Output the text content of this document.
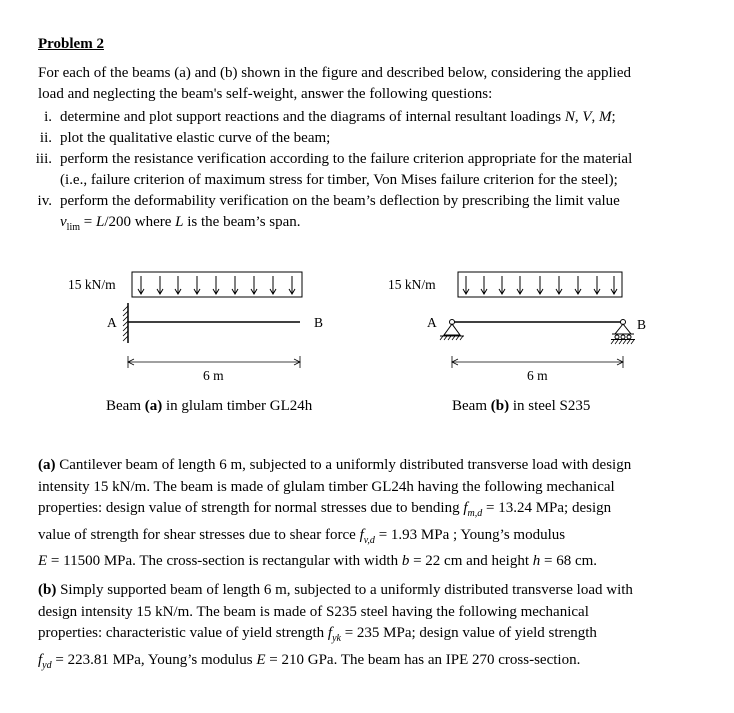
Problem 2
For each of the beams (a) and (b) shown in the figure and described below, considering the applied
load and neglecting the beam's self-weight, answer the following questions:
i. determine and plot support reactions and the diagrams of internal resultant loadings N, V, M;
ii. plot the qualitative elastic curve of the beam;
iii. perform the resistance verification according to the failure criterion appropriate for the material
(i.e., failure criterion of maximum stress for timber, Von Mises failure criterion for the steel);
iv. perform the deformability verification on the beam’s deflection by prescribing the limit value
$v_{lim} = L/200$ where L is the beam’s span.
15 kN/m
A	B
6 m
Beam (a) in glulam timber GL24h
15 kN/m
A	B
6 m
Beam (b) in steel S235
(a) Cantilever beam of length 6 m, subjected to a uniformly distributed transverse load with design
intensity 15 kN/m. The beam is made of glulam timber GL24h having the following mechanical
properties: design value of strength for normal stresses due to bending $f_{m,d} = 13.24$ MPa; design
value of strength for shear stresses due to shear force $f_{v,d} = 1.93$ MPa ; Young’s modulus
E = 11500 MPa. The cross-section is rectangular with width b = 22 cm and height h = 68 cm.
(b) Simply supported beam of length 6 m, subjected to a uniformly distributed transverse load with
design intensity 15 kN/m. The beam is made of S235 steel having the following mechanical
properties: characteristic value of yield strength $f_{yk} = 235$ MPa; design value of yield strength
$f_{yd} = 223.81$ MPa, Young’s modulus E = 210 GPa. The beam has an IPE 270 cross-section.
